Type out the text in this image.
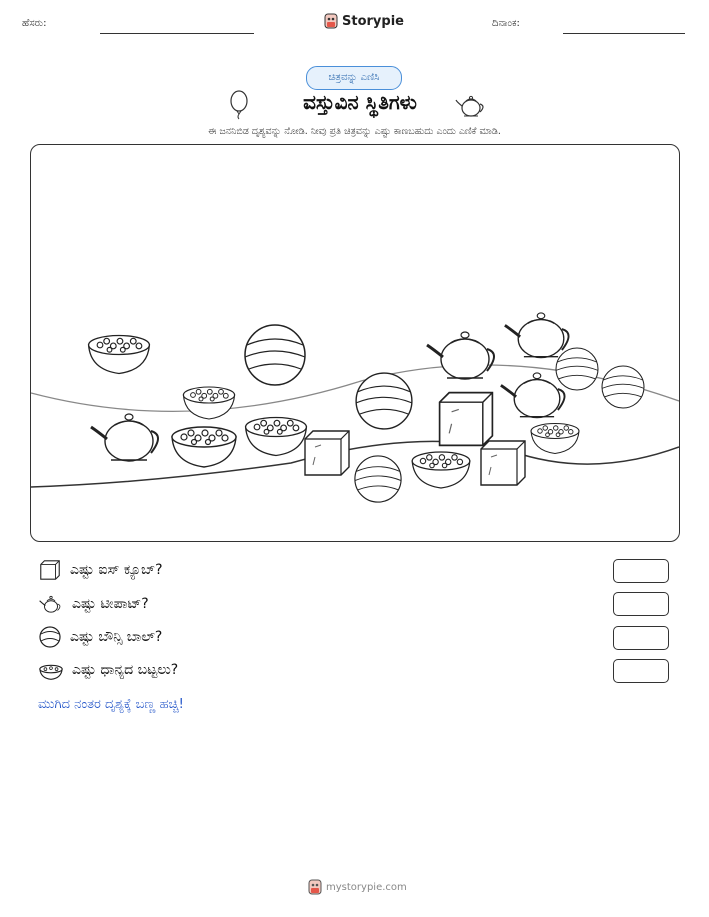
ಹೆಸರು:	Storypie	ದಿನಾಂಕ:
ಚಿತ್ರವನ್ನು ಎಣಿಸಿ
ವಸ್ತುವಿನ ಸ್ಥಿತಿಗಳು
ಈ ಜನನಿಬಿಡ ದೃಶ್ಯವನ್ನು ನೋಡಿ. ನೀವು ಪ್ರತಿ ಚಿತ್ರವನ್ನು ಎಷ್ಟು ಕಾಣಬಹುದು ಎಂದು ಎಣಿಕೆ ಮಾಡಿ.
ಎಷ್ಟು ಐಸ್ ಕ್ಯೂಬ್?
ಎಷ್ಟು ಟೀಪಾಟ್?
ಎಷ್ಟು ಬೌನ್ಸಿ ಬಾಲ್?
ಎಷ್ಟು ಧಾನ್ಯದ ಬಟ್ಟಲು?
ಮುಗಿದ ನಂತರ ದೃಶ್ಯಕ್ಕೆ ಬಣ್ಣ ಹಚ್ಚಿ!
mystorypie.com
